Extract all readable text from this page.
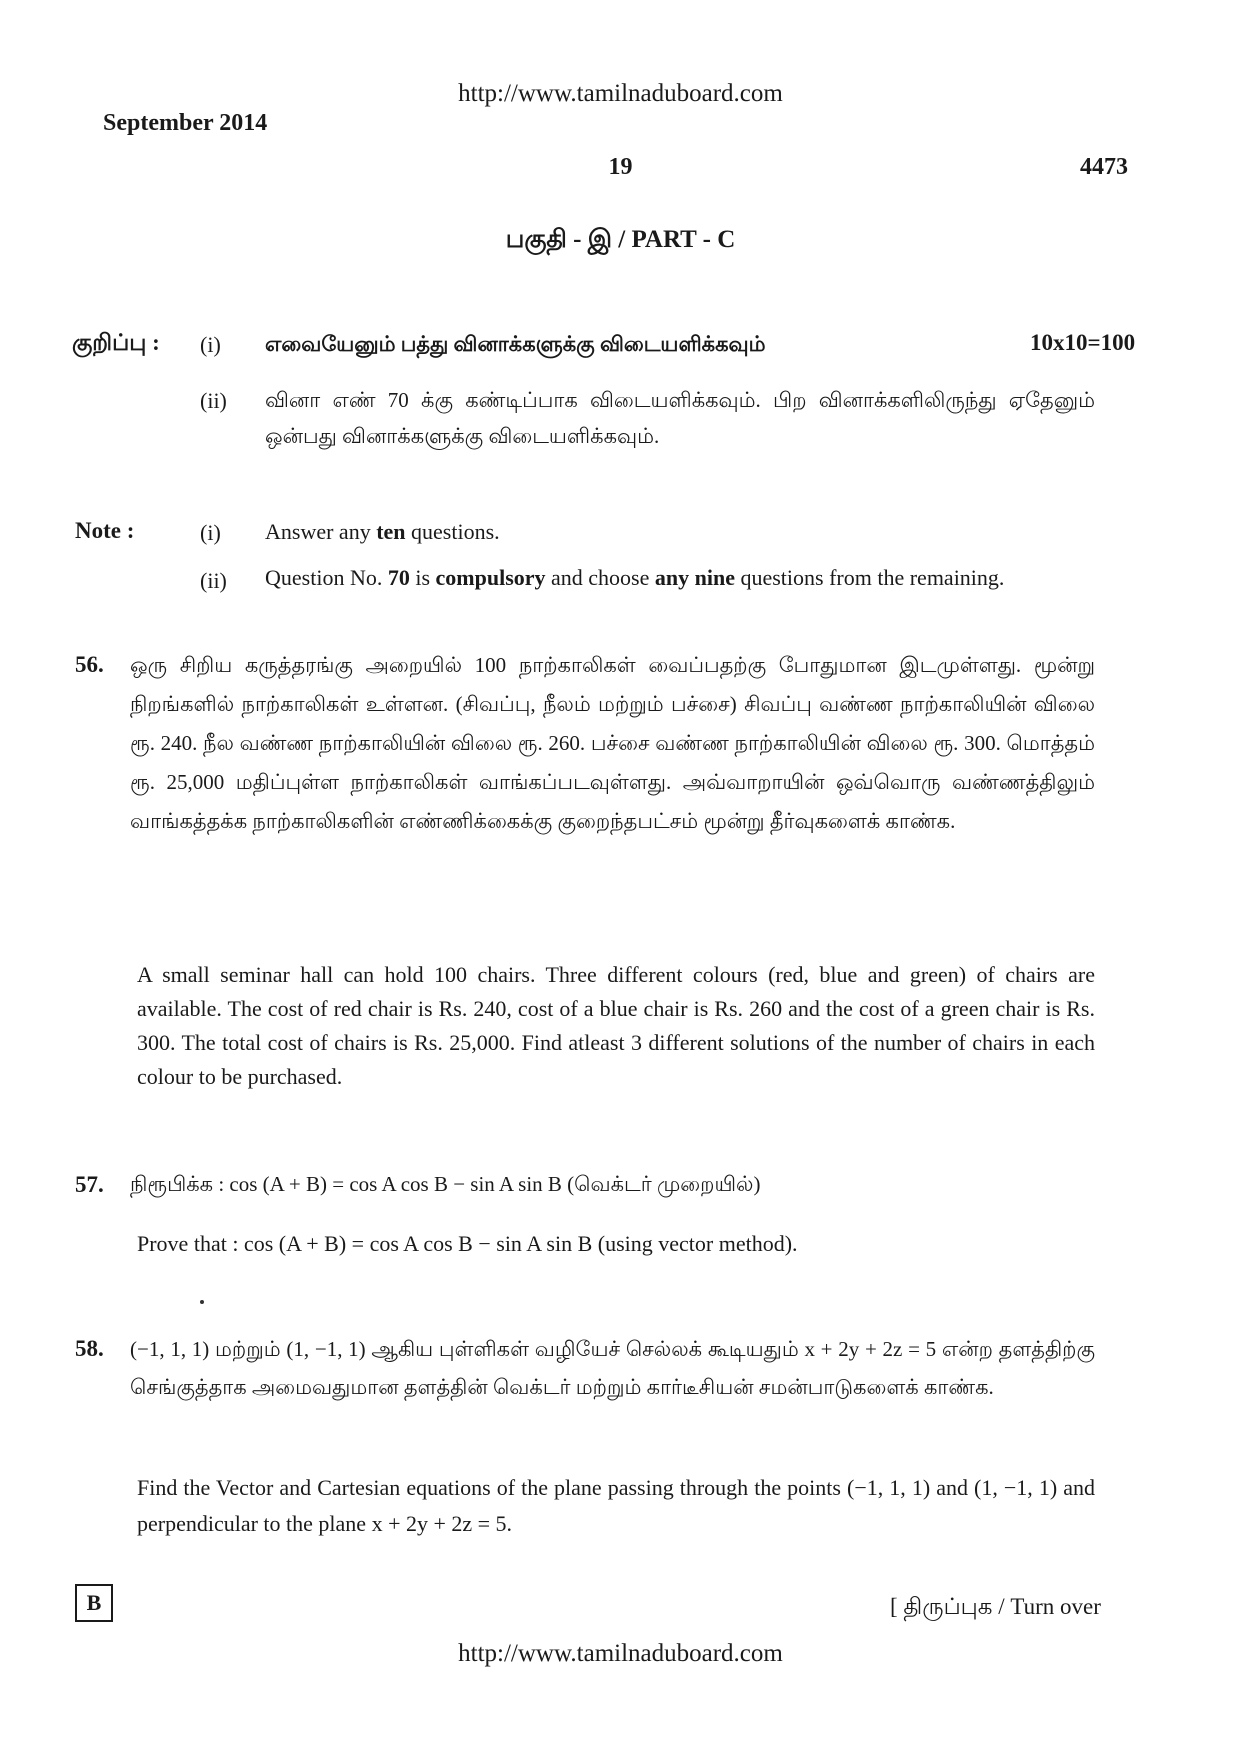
http://www.tamilnaduboard.com
September 2014
19	4473
பகுதி - இ / PART - C
குறிப்பு : (i) எவையேனும் பத்து வினாக்களுக்கு விடையளிக்கவும்	10x10=100
(ii) வினா எண் 70 க்கு கண்டிப்பாக விடையளிக்கவும். பிற வினாக்களிலிருந்து ஏதேனும் ஒன்பது வினாக்களுக்கு விடையளிக்கவும்.
Note :	(i) Answer any ten questions.
(ii) Question No. 70 is compulsory and choose any nine questions from the remaining.
56. ஒரு சிறிய கருத்தரங்கு அறையில் 100 நாற்காலிகள் வைப்பதற்கு போதுமான இடமுள்ளது. மூன்று நிறங்களில் நாற்காலிகள் உள்ளன. (சிவப்பு, நீலம் மற்றும் பச்சை) சிவப்பு வண்ண நாற்காலியின் விலை ரூ. 240. நீல வண்ண நாற்காலியின் விலை ரூ. 260. பச்சை வண்ண நாற்காலியின் விலை ரூ. 300. மொத்தம் ரூ. 25,000 மதிப்புள்ள நாற்காலிகள் வாங்கப்படவுள்ளது. அவ்வாறாயின் ஒவ்வொரு வண்ணத்திலும் வாங்கத்தக்க நாற்காலிகளின் எண்ணிக்கைக்கு குறைந்தபட்சம் மூன்று தீர்வுகளைக் காண்க.
A small seminar hall can hold 100 chairs. Three different colours (red, blue and green) of chairs are available. The cost of red chair is Rs. 240, cost of a blue chair is Rs. 260 and the cost of a green chair is Rs. 300. The total cost of chairs is Rs. 25,000. Find atleast 3 different solutions of the number of chairs in each colour to be purchased.
57. நிரூபிக்க : cos (A + B) = cos A cos B − sin A sin B (வெக்டர் முறையில்)
Prove that : cos (A + B) = cos A cos B − sin A sin B (using vector method).
58. (−1, 1, 1) மற்றும் (1, −1, 1) ஆகிய புள்ளிகள் வழியேச் செல்லக் கூடியதும் x + 2y + 2z = 5 என்ற தளத்திற்கு செங்குத்தாக அமைவதுமான தளத்தின் வெக்டர் மற்றும் கார்டீசியன் சமன்பாடுகளைக் காண்க.
Find the Vector and Cartesian equations of the plane passing through the points (−1, 1, 1) and (1, −1, 1) and perpendicular to the plane x + 2y + 2z = 5.
B	[ திருப்புக / Turn over
http://www.tamilnaduboard.com
